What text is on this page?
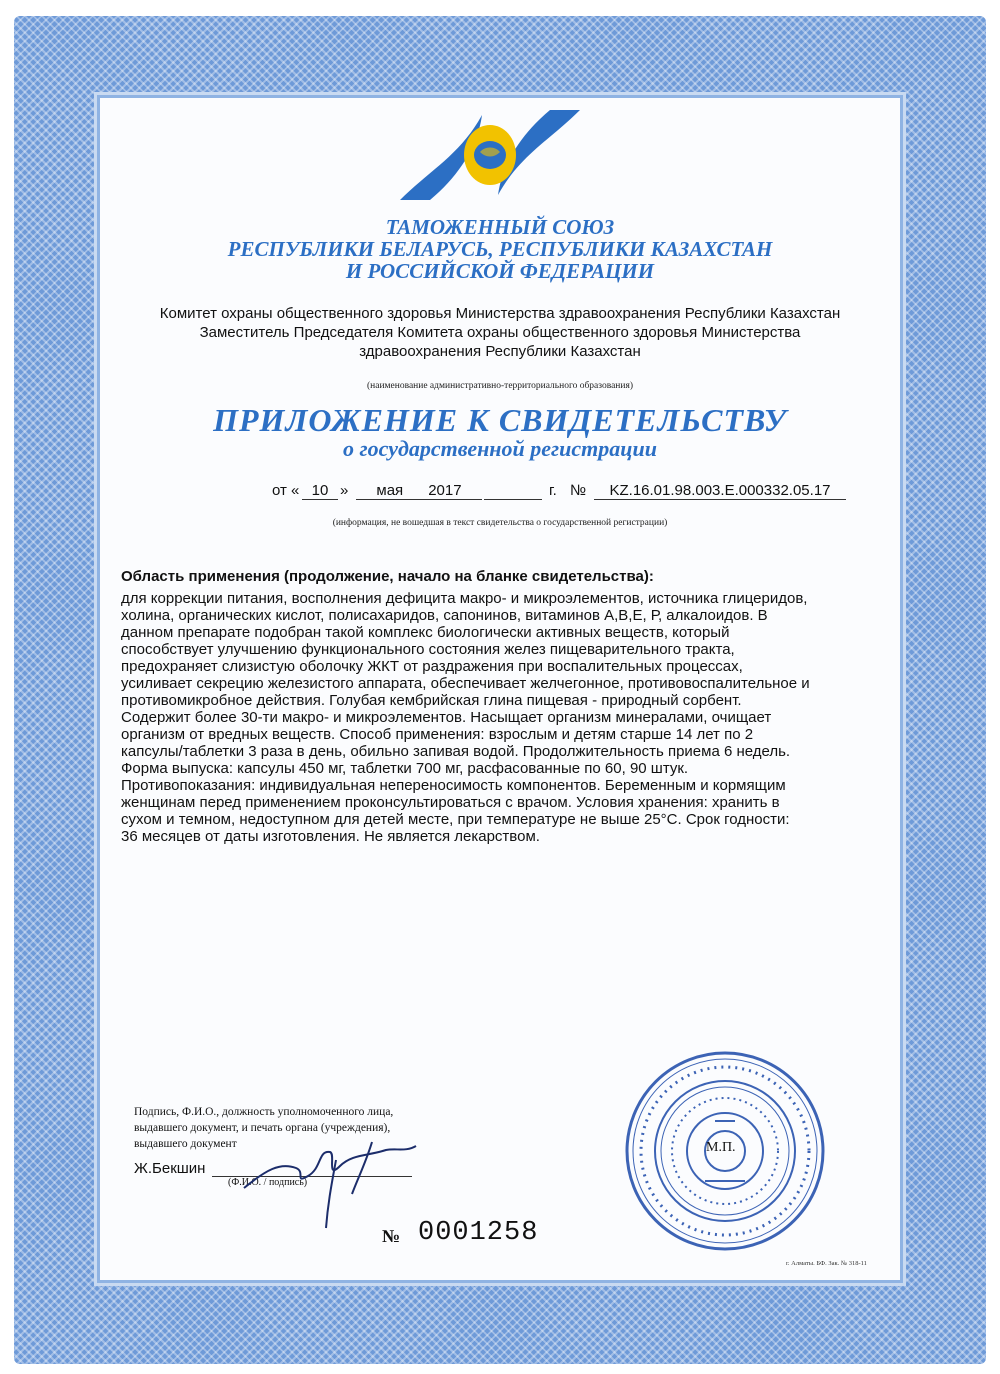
ТАМОЖЕННЫЙ СОЮЗ
РЕСПУБЛИКИ БЕЛАРУСЬ, РЕСПУБЛИКИ КАЗАХСТАН
И РОССИЙСКОЙ ФЕДЕРАЦИИ
Комитет охраны общественного здоровья Министерства здравоохранения Республики Казахстан
Заместитель Председателя Комитета охраны общественного здоровья Министерства
здравоохранения Республики Казахстан
(наименование административно-территориального образования)
ПРИЛОЖЕНИЕ К СВИДЕТЕЛЬСТВУ
о государственной регистрации
от « 10 »	мая 2017
	г. №	KZ.16.01.98.003.E.000332.05.17
(информация, не вошедшая в текст свидетельства о государственной регистрации)
Область применения (продолжение, начало на бланке свидетельства):
для коррекции питания, восполнения дефицита макро- и микроэлементов, источника глицеридов,
холина, органических кислот, полисахаридов, сапонинов, витаминов А,В,Е, Р, алкалоидов. В
данном препарате подобран такой комплекс биологически активных веществ, который
способствует улучшению функционального состояния желез пищеварительного тракта,
предохраняет слизистую оболочку ЖКТ от раздражения при воспалительных процессах,
усиливает секрецию железистого аппарата, обеспечивает желчегонное, противовоспалительное и
противомикробное действия. Голубая кембрийская глина пищевая - природный сорбент.
Содержит более 30-ти макро- и микроэлементов. Насыщает организм минералами, очищает
организм от вредных веществ. Способ применения: взрослым и детям старше 14 лет по 2
капсулы/таблетки 3 раза в день, обильно запивая водой. Продолжительность приема 6 недель.
Форма выпуска: капсулы 450 мг, таблетки 700 мг, расфасованные по 60, 90 штук.
Противопоказания: индивидуальная непереносимость компонентов. Беременным и кормящим
женщинам перед применением проконсультироваться с врачом. Условия хранения: хранить в
сухом и темном, недоступном для детей месте, при температуре не выше 25°С. Срок годности:
36 месяцев от даты изготовления. Не является лекарством.
Подпись, Ф.И.О., должность уполномоченного лица,
выдавшего документ, и печать органа (учреждения),
выдавшего документ
Ж.Бекшин
(Ф.И.О. / подпись)
№ 0001258
М.П.
г. Алматы. БФ. Зак. № 318-11
